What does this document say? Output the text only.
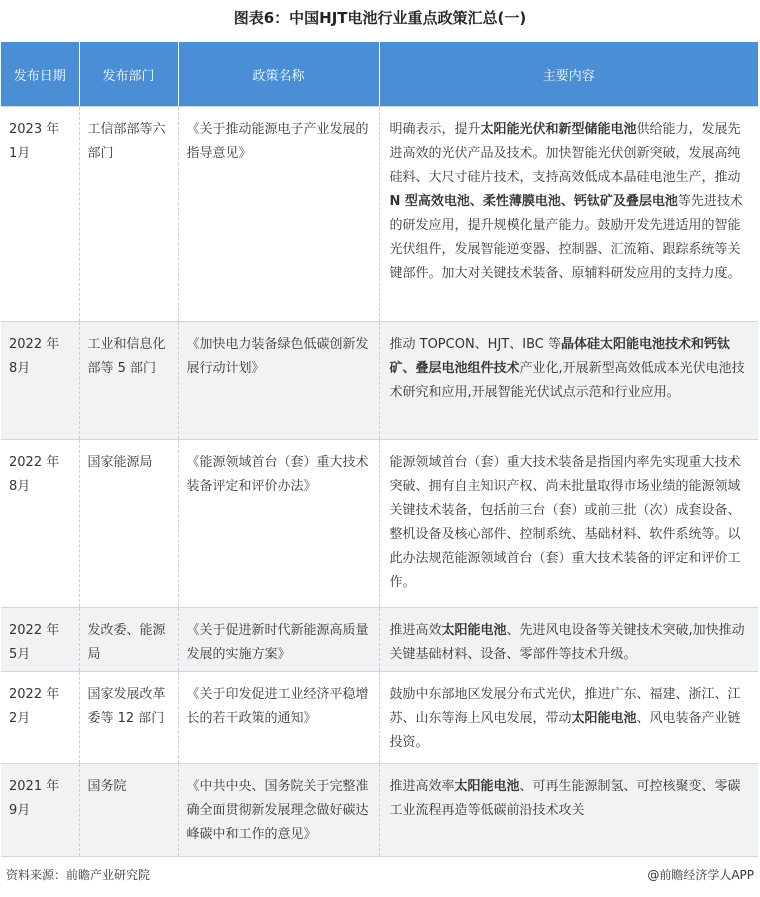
图表6：中国HJT电池行业重点政策汇总(一)
发布日期	发布部门	政策名称	主要内容
2023 年 1月	工信部部等六部门	《关于推动能源电子产业发展的指导意见》	明确表示，提升太阳能光伏和新型储能电池供给能力，发展先进高效的光伏产品及技术。加快智能光伏创新突破，发展高纯硅料、大尺寸硅片技术，支持高效低成本晶硅电池生产，推动 N 型高效电池、柔性薄膜电池、钙钛矿及叠层电池等先进技术的研发应用，提升规模化量产能力。鼓励开发先进适用的智能光伏组件，发展智能逆变器、控制器、汇流箱、跟踪系统等关键部件。加大对关键技术装备、原辅料研发应用的支持力度。
2022 年 8月	工业和信息化部等 5 部门	《加快电力装备绿色低碳创新发展行动计划》	推动 TOPCON、HJT、IBC 等晶体硅太阳能电池技术和钙钛矿、叠层电池组件技术产业化,开展新型高效低成本光伏电池技术研究和应用,开展智能光伏试点示范和行业应用。
2022 年 8月	国家能源局	《能源领域首台（套）重大技术装备评定和评价办法》	能源领域首台（套）重大技术装备是指国内率先实现重大技术突破、拥有自主知识产权、尚未批量取得市场业绩的能源领域关键技术装备，包括前三台（套）或前三批（次）成套设备、整机设备及核心部件、控制系统、基础材料、软件系统等。以此办法规范能源领域首台（套）重大技术装备的评定和评价工作。
2022 年 5月	发改委、能源局	《关于促进新时代新能源高质量发展的实施方案》	推进高效太阳能电池、先进风电设备等关键技术突破,加快推动关键基础材料、设备、零部件等技术升级。
2022 年 2月	国家发展改革委等 12 部门	《关于印发促进工业经济平稳增长的若干政策的通知》	鼓励中东部地区发展分布式光伏，推进广东、福建、浙江、江苏、山东等海上风电发展，带动太阳能电池、风电装备产业链投资。
2021 年 9月	国务院	《中共中央、国务院关于完整准确全面贯彻新发展理念做好碳达峰碳中和工作的意见》	推进高效率太阳能电池、可再生能源制氢、可控核聚变、零碳工业流程再造等低碳前沿技术攻关
资料来源：前瞻产业研究院	@前瞻经济学人APP
